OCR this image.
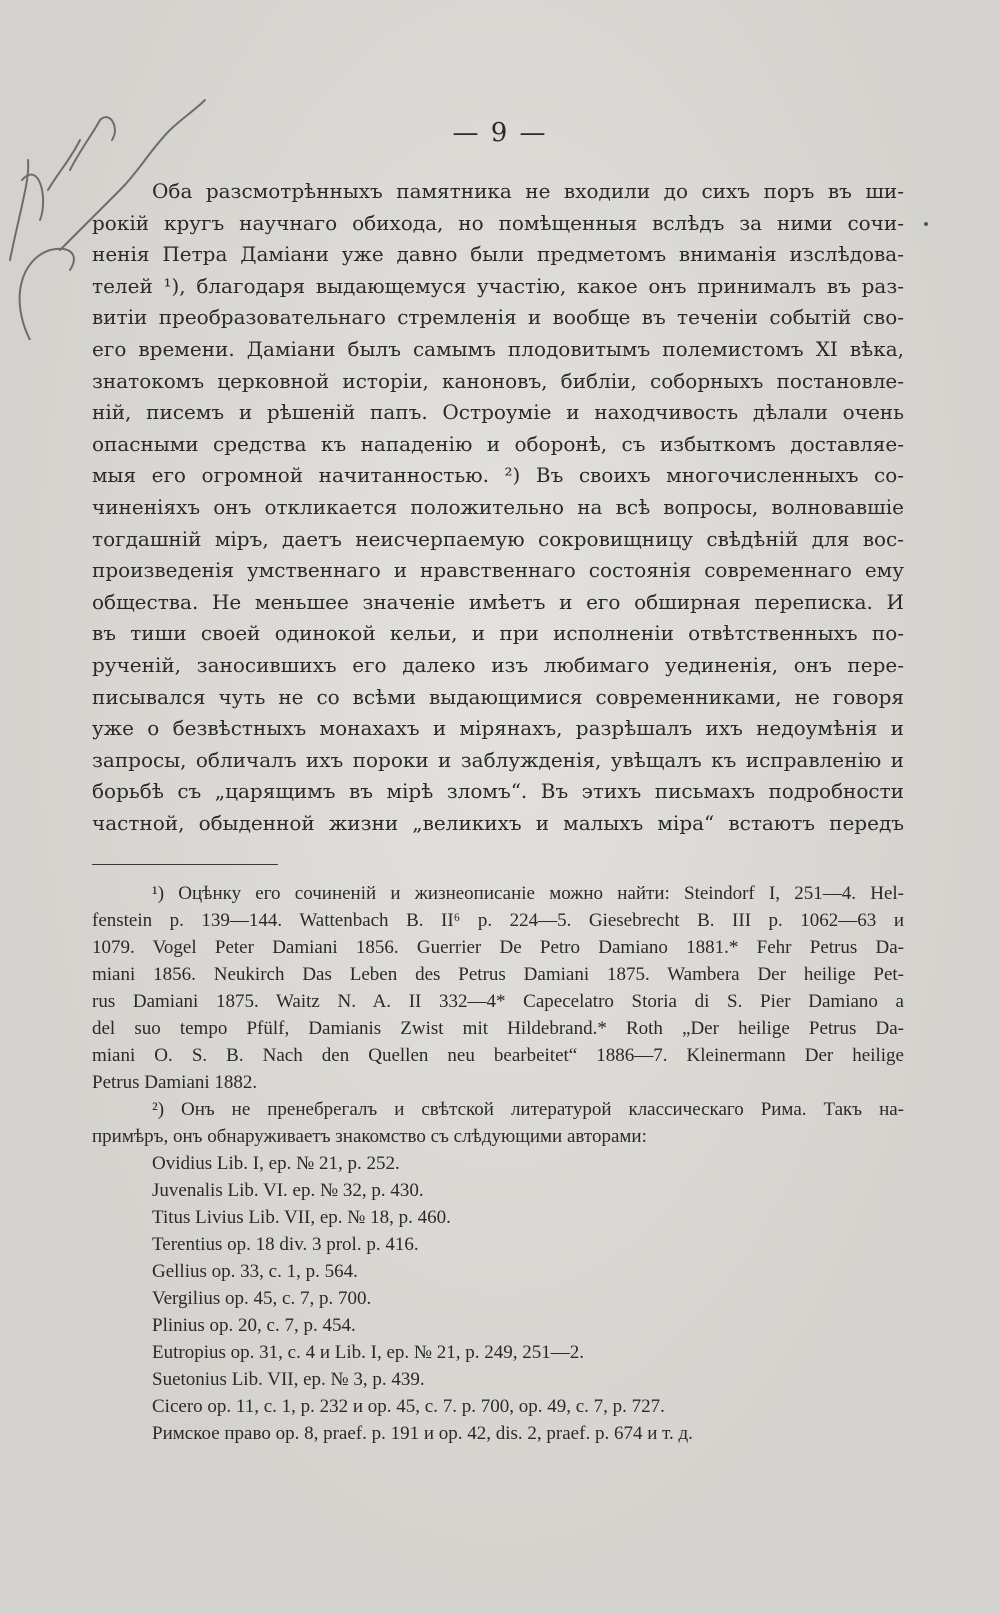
— 9 —
Оба разсмотрѣнныхъ памятника не входили до сихъ поръ въ ши-
рокій кругъ научнаго обихода, но помѣщенныя вслѣдъ за ними сочи-
ненія Петра Даміани уже давно были предметомъ вниманія изслѣдова-
телей ¹), благодаря выдающемуся участію, какое онъ принималъ въ раз-
витіи преобразовательнаго стремленія и вообще въ теченіи событій сво-
его времени. Даміани былъ самымъ плодовитымъ полемистомъ XI вѣка,
знатокомъ церковной исторіи, каноновъ, библіи, соборныхъ постановле-
ній, писемъ и рѣшеній папъ. Остроуміе и находчивость дѣлали очень
опасными средства къ нападенію и оборонѣ, съ избыткомъ доставляе-
мыя его огромной начитанностью. ²) Въ своихъ многочисленныхъ со-
чиненіяхъ онъ откликается положительно на всѣ вопросы, волновавшіе
тогдашній міръ, даетъ неисчерпаемую сокровищницу свѣдѣній для вос-
произведенія умственнаго и нравственнаго состоянія современнаго ему
общества. Не меньшее значеніе имѣетъ и его обширная переписка. И
въ тиши своей одинокой кельи, и при исполненіи отвѣтственныхъ по-
рученій, заносившихъ его далеко изъ любимаго уединенія, онъ пере-
писывался чуть не со всѣми выдающимися современниками, не говоря
уже о безвѣстныхъ монахахъ и мірянахъ, разрѣшалъ ихъ недоумѣнія и
запросы, обличалъ ихъ пороки и заблужденія, увѣщалъ къ исправленію и
борьбѣ съ „царящимъ въ мірѣ зломъ“. Въ этихъ письмахъ подробности
частной, обыденной жизни „великихъ и малыхъ міра“ встаютъ передъ
¹) Оцѣнку его сочиненій и жизнеописаніе можно найти: Steindorf I, 251—4. Hel-
fenstein p. 139—144. Wattenbach B. II⁶ p. 224—5. Giesebrecht B. III p. 1062—63 и
1079. Vogel Peter Damiani 1856. Guerrier De Petro Damiano 1881.* Fehr Petrus Da-
miani 1856. Neukirch Das Leben des Petrus Damiani 1875. Wambera Der heilige Pet-
rus Damiani 1875. Waitz N. A. II 332—4* Capecelatro Storia di S. Pier Damiano a
del suo tempo Pfülf, Damianis Zwist mit Hildebrand.* Roth „Der heilige Petrus Da-
miani O. S. B. Nach den Quellen neu bearbeitet“ 1886—7. Kleinermann Der heilige
Petrus Damiani 1882.
²) Онъ не пренебрегалъ и свѣтской литературой классическаго Рима. Такъ на-
примѣръ, онъ обнаруживаетъ знакомство съ слѣдующими авторами:
Ovidius Lib. I, ep. № 21, p. 252.
Juvenalis Lib. VI. ep. № 32, p. 430.
Titus Livius Lib. VII, ep. № 18, p. 460.
Terentius op. 18 div. 3 prol. p. 416.
Gellius op. 33, c. 1, p. 564.
Vergilius op. 45, c. 7, p. 700.
Plinius op. 20, c. 7, p. 454.
Eutropius op. 31, c. 4 и Lib. I, ep. № 21, p. 249, 251—2.
Suetonius Lib. VII, ep. № 3, p. 439.
Cicero op. 11, c. 1, p. 232 и op. 45, c. 7. p. 700, op. 49, c. 7, p. 727.
Римское право op. 8, praef. p. 191 и op. 42, dis. 2, praef. p. 674 и т. д.
